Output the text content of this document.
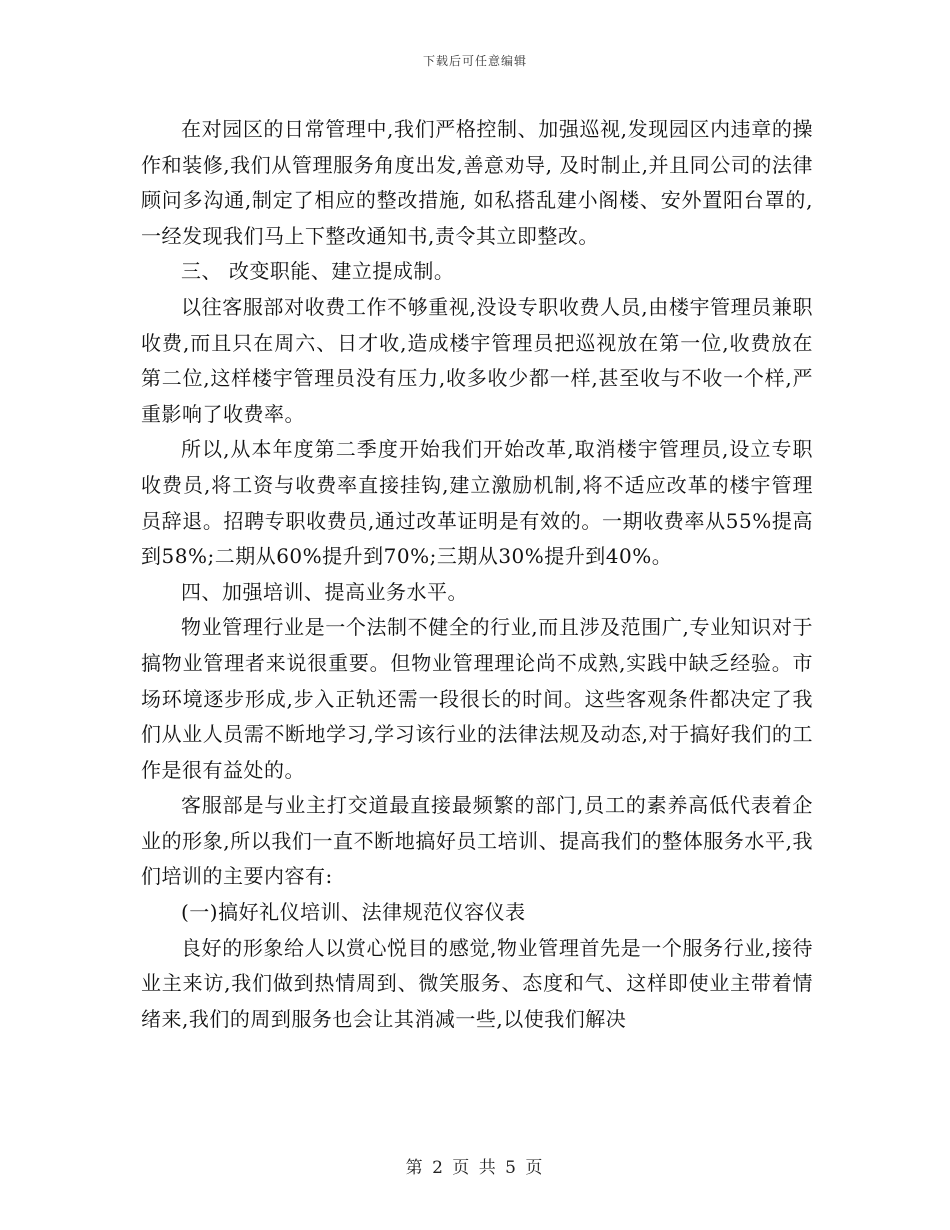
下载后可任意编辑

在对园区的日常管理中,我们严格控制、加强巡视,发现园区内违章的操作和装修,我们从管理服务角度出发,善意劝导, 及时制止,并且同公司的法律顾问多沟通,制定了相应的整改措施, 如私搭乱建小阁楼、安外置阳台罩的,一经发现我们马上下整改通知书,责令其立即整改。

三、 改变职能、建立提成制。

以往客服部对收费工作不够重视,没设专职收费人员,由楼宇管理员兼职收费,而且只在周六、日才收,造成楼宇管理员把巡视放在第一位,收费放在第二位,这样楼宇管理员没有压力,收多收少都一样,甚至收与不收一个样,严重影响了收费率。

所以,从本年度第二季度开始我们开始改革,取消楼宇管理员,设立专职收费员,将工资与收费率直接挂钩,建立激励机制,将不适应改革的楼宇管理员辞退。招聘专职收费员,通过改革证明是有效的。一期收费率从55%提高到58%;二期从60%提升到70%;三期从30%提升到40%。

四、加强培训、提高业务水平。

物业管理行业是一个法制不健全的行业,而且涉及范围广,专业知识对于搞物业管理者来说很重要。但物业管理理论尚不成熟,实践中缺乏经验。市场环境逐步形成,步入正轨还需一段很长的时间。这些客观条件都决定了我们从业人员需不断地学习,学习该行业的法律法规及动态,对于搞好我们的工作是很有益处的。

客服部是与业主打交道最直接最频繁的部门,员工的素养高低代表着企业的形象,所以我们一直不断地搞好员工培训、提高我们的整体服务水平,我们培训的主要内容有:

(一)搞好礼仪培训、法律规范仪容仪表

良好的形象给人以赏心悦目的感觉,物业管理首先是一个服务行业,接待业主来访,我们做到热情周到、微笑服务、态度和气、这样即使业主带着情绪来,我们的周到服务也会让其消减一些,以使我们解决

第 2 页 共 5 页
